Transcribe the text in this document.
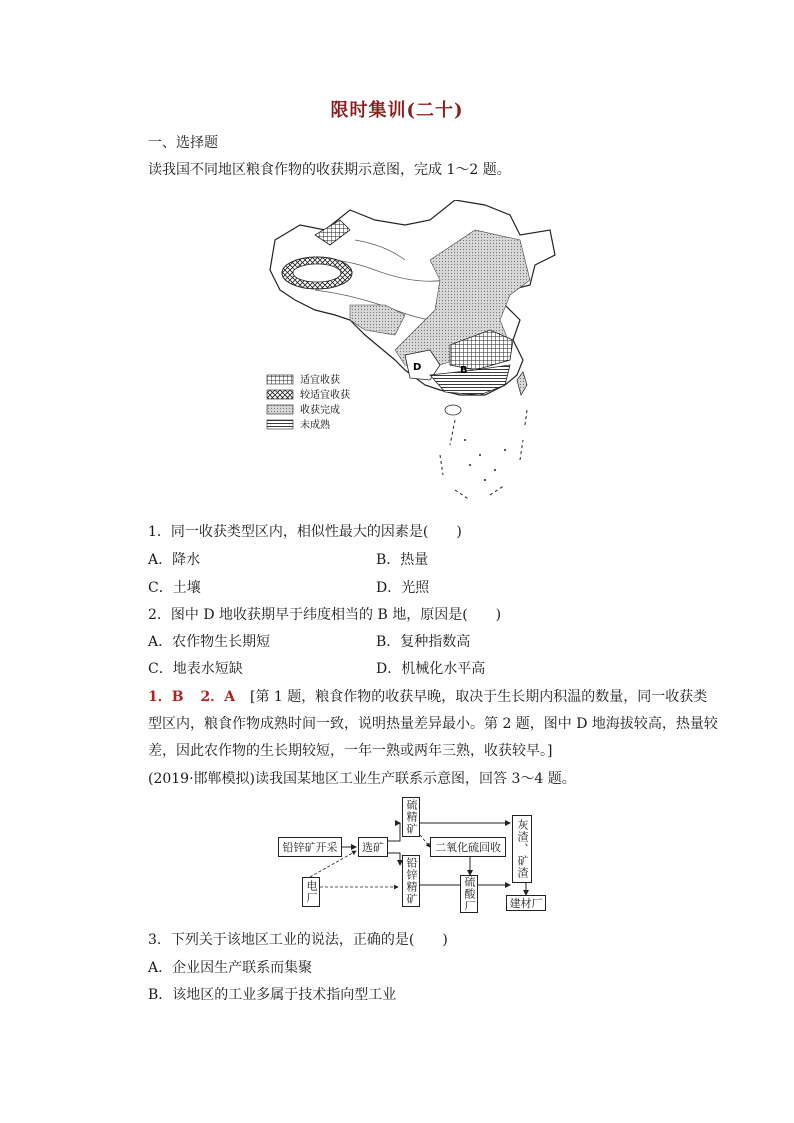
限时集训(二十)
一、选择题
读我国不同地区粮食作物的收获期示意图，完成 1～2 题。
B
D
适宜收获
较适宜收获
收获完成
未成熟
1．同一收获类型区内，相似性最大的因素是(　　)
A．降水	B．热量
C．土壤	D．光照
2．图中 D 地收获期早于纬度相当的 B 地，原因是(　　)
A．农作物生长期短	B．复种指数高
C．地表水短缺	D．机械化水平高
1．B 2．A [第 1 题，粮食作物的收获早晚，取决于生长期内积温的数量，同一收获类
型区内，粮食作物成熟时间一致，说明热量差异最小。第 2 题，图中 D 地海拔较高，热量较
差，因此农作物的生长期较短，一年一熟或两年三熟，收获较早。]
(2019·邯郸模拟)读我国某地区工业生产联系示意图，回答 3～4 题。
铅锌矿开采	选矿
硫精矿
铅锌精矿
二氧化硫回收	灰渣、矿渣
硫酸厂	建材厂
电厂
3．下列关于该地区工业的说法，正确的是(　　)
A．企业因生产联系而集聚
B．该地区的工业多属于技术指向型工业
